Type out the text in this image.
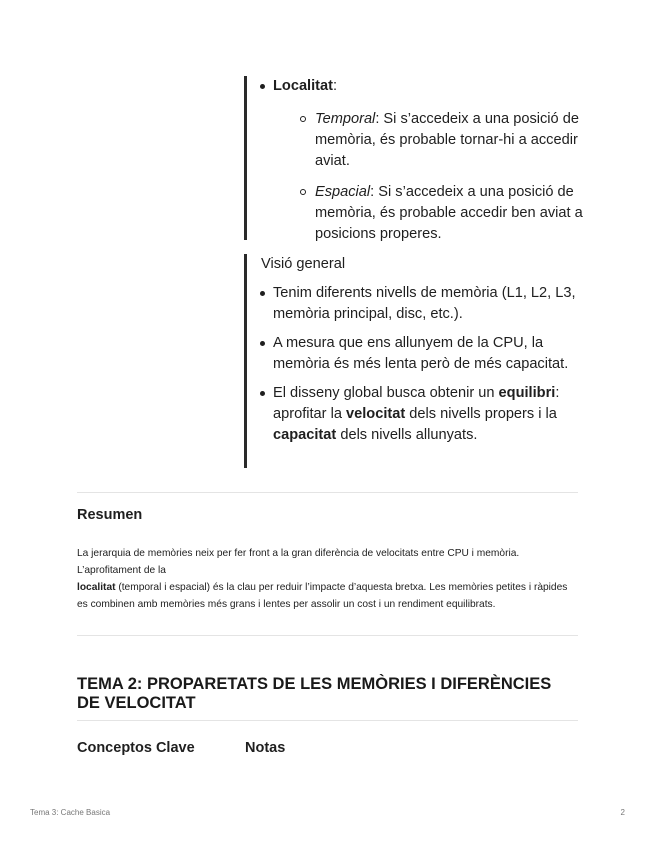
Localitat:
Temporal: Si s’accedeix a una posició de memòria, és probable tornar-hi a accedir aviat.
Espacial: Si s’accedeix a una posició de memòria, és probable accedir ben aviat a posicions properes.
Visió general
Tenim diferents nivells de memòria (L1, L2, L3, memòria principal, disc, etc.).
A mesura que ens allunyem de la CPU, la memòria és més lenta però de més capacitat.
El disseny global busca obtenir un equilibri: aprofitar la velocitat dels nivells propers i la capacitat dels nivells allunyats.
Resumen
La jerarquia de memòries neix per fer front a la gran diferència de velocitats entre CPU i memòria. L’aprofitament de la
localitat (temporal i espacial) és la clau per reduir l’impacte d’aquesta bretxa. Les memòries petites i ràpides es combinen amb memòries més grans i lentes per assolir un cost i un rendiment equilibrats.
TEMA 2: PROPARETATS DE LES MEMÒRIES I DIFERÈNCIES DE VELOCITAT
Conceptos Clave	Notas
Tema 3: Cache Basica	2
